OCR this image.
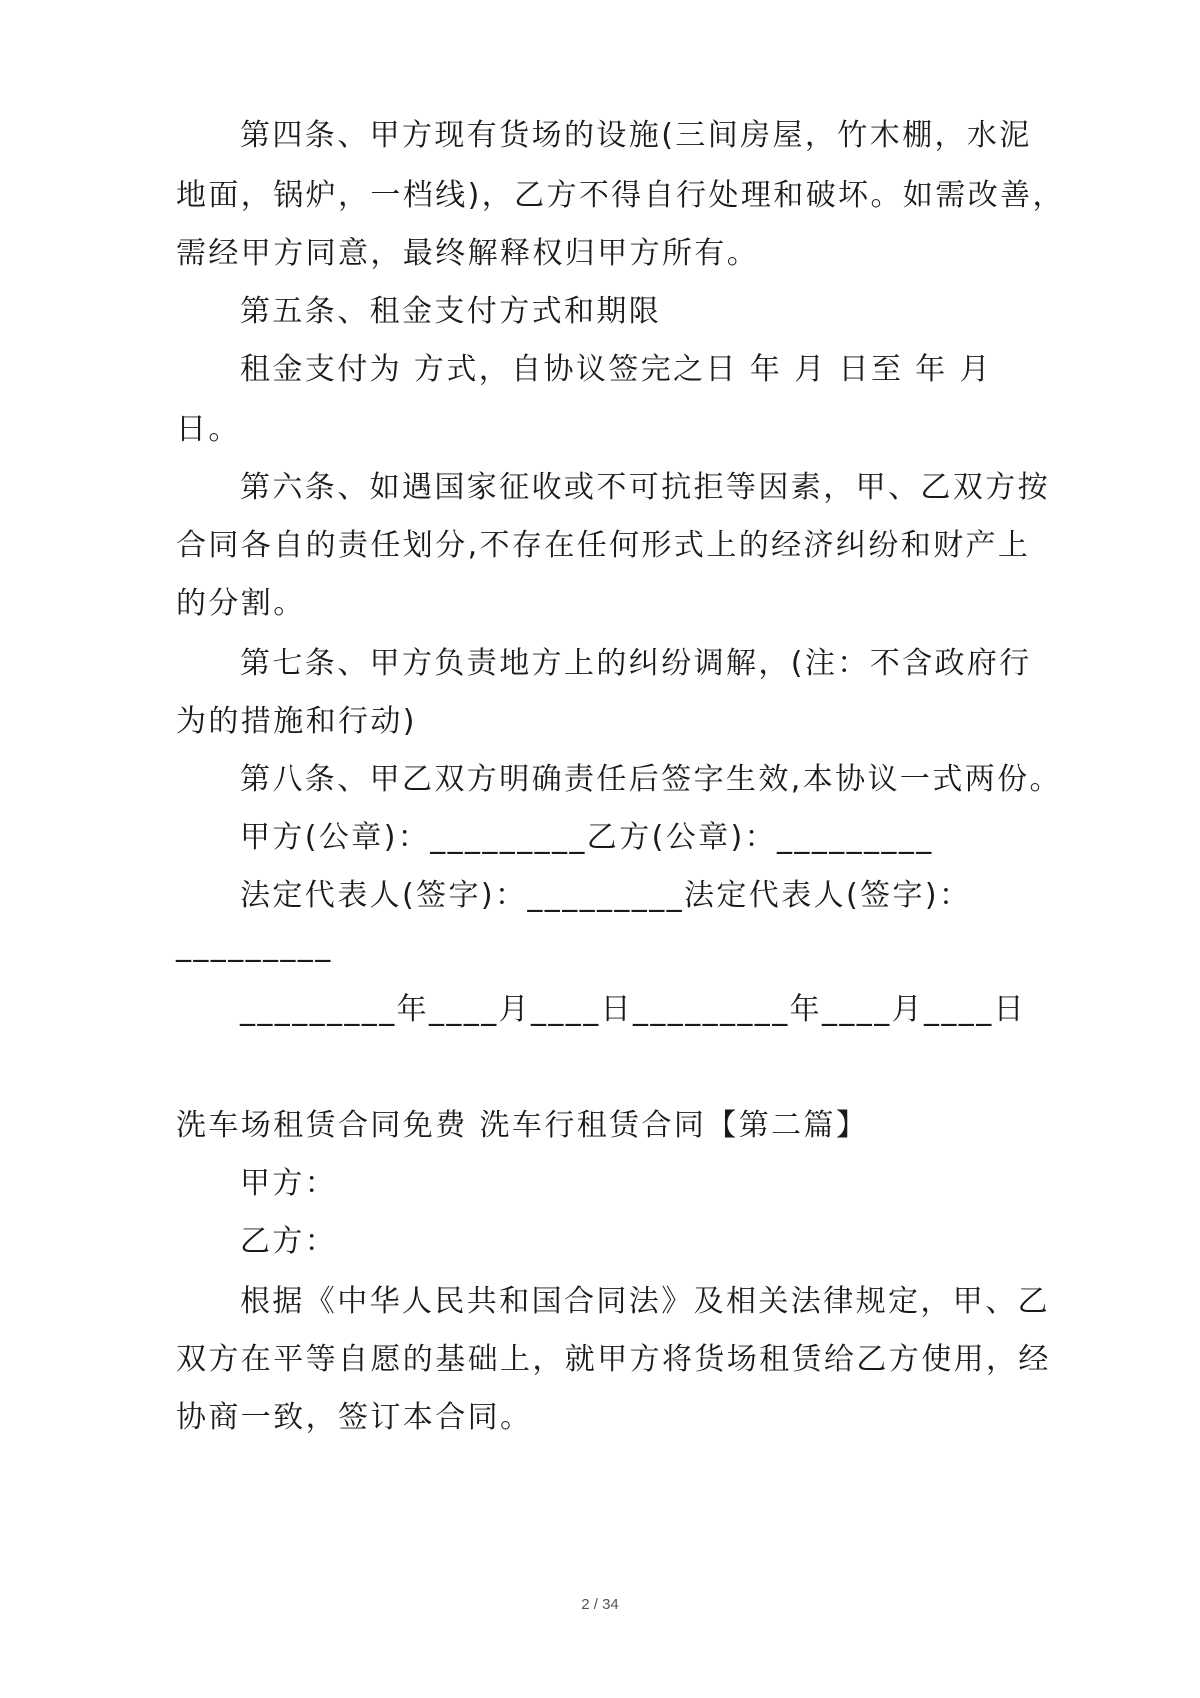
第四条、甲方现有货场的设施(三间房屋，竹木棚，水泥
地面，锅炉，一档线)，乙方不得自行处理和破坏。如需改善，
需经甲方同意，最终解释权归甲方所有。
第五条、租金支付方式和期限
租金支付为 方式，自协议签完之日 年 月 日至 年 月
日。
第六条、如遇国家征收或不可抗拒等因素，甲、乙双方按
合同各自的责任划分,不存在任何形式上的经济纠纷和财产上
的分割。
第七条、甲方负责地方上的纠纷调解，(注：不含政府行
为的措施和行动)
第八条、甲乙双方明确责任后签字生效,本协议一式两份。
甲方(公章)：_________乙方(公章)：_________
法定代表人(签字)：_________法定代表人(签字)：
_________
_________年____月____日_________年____月____日
洗车场租赁合同免费 洗车行租赁合同【第二篇】
甲方：
乙方：
根据《中华人民共和国合同法》及相关法律规定，甲、乙
双方在平等自愿的基础上，就甲方将货场租赁给乙方使用，经
协商一致，签订本合同。
2 / 34
